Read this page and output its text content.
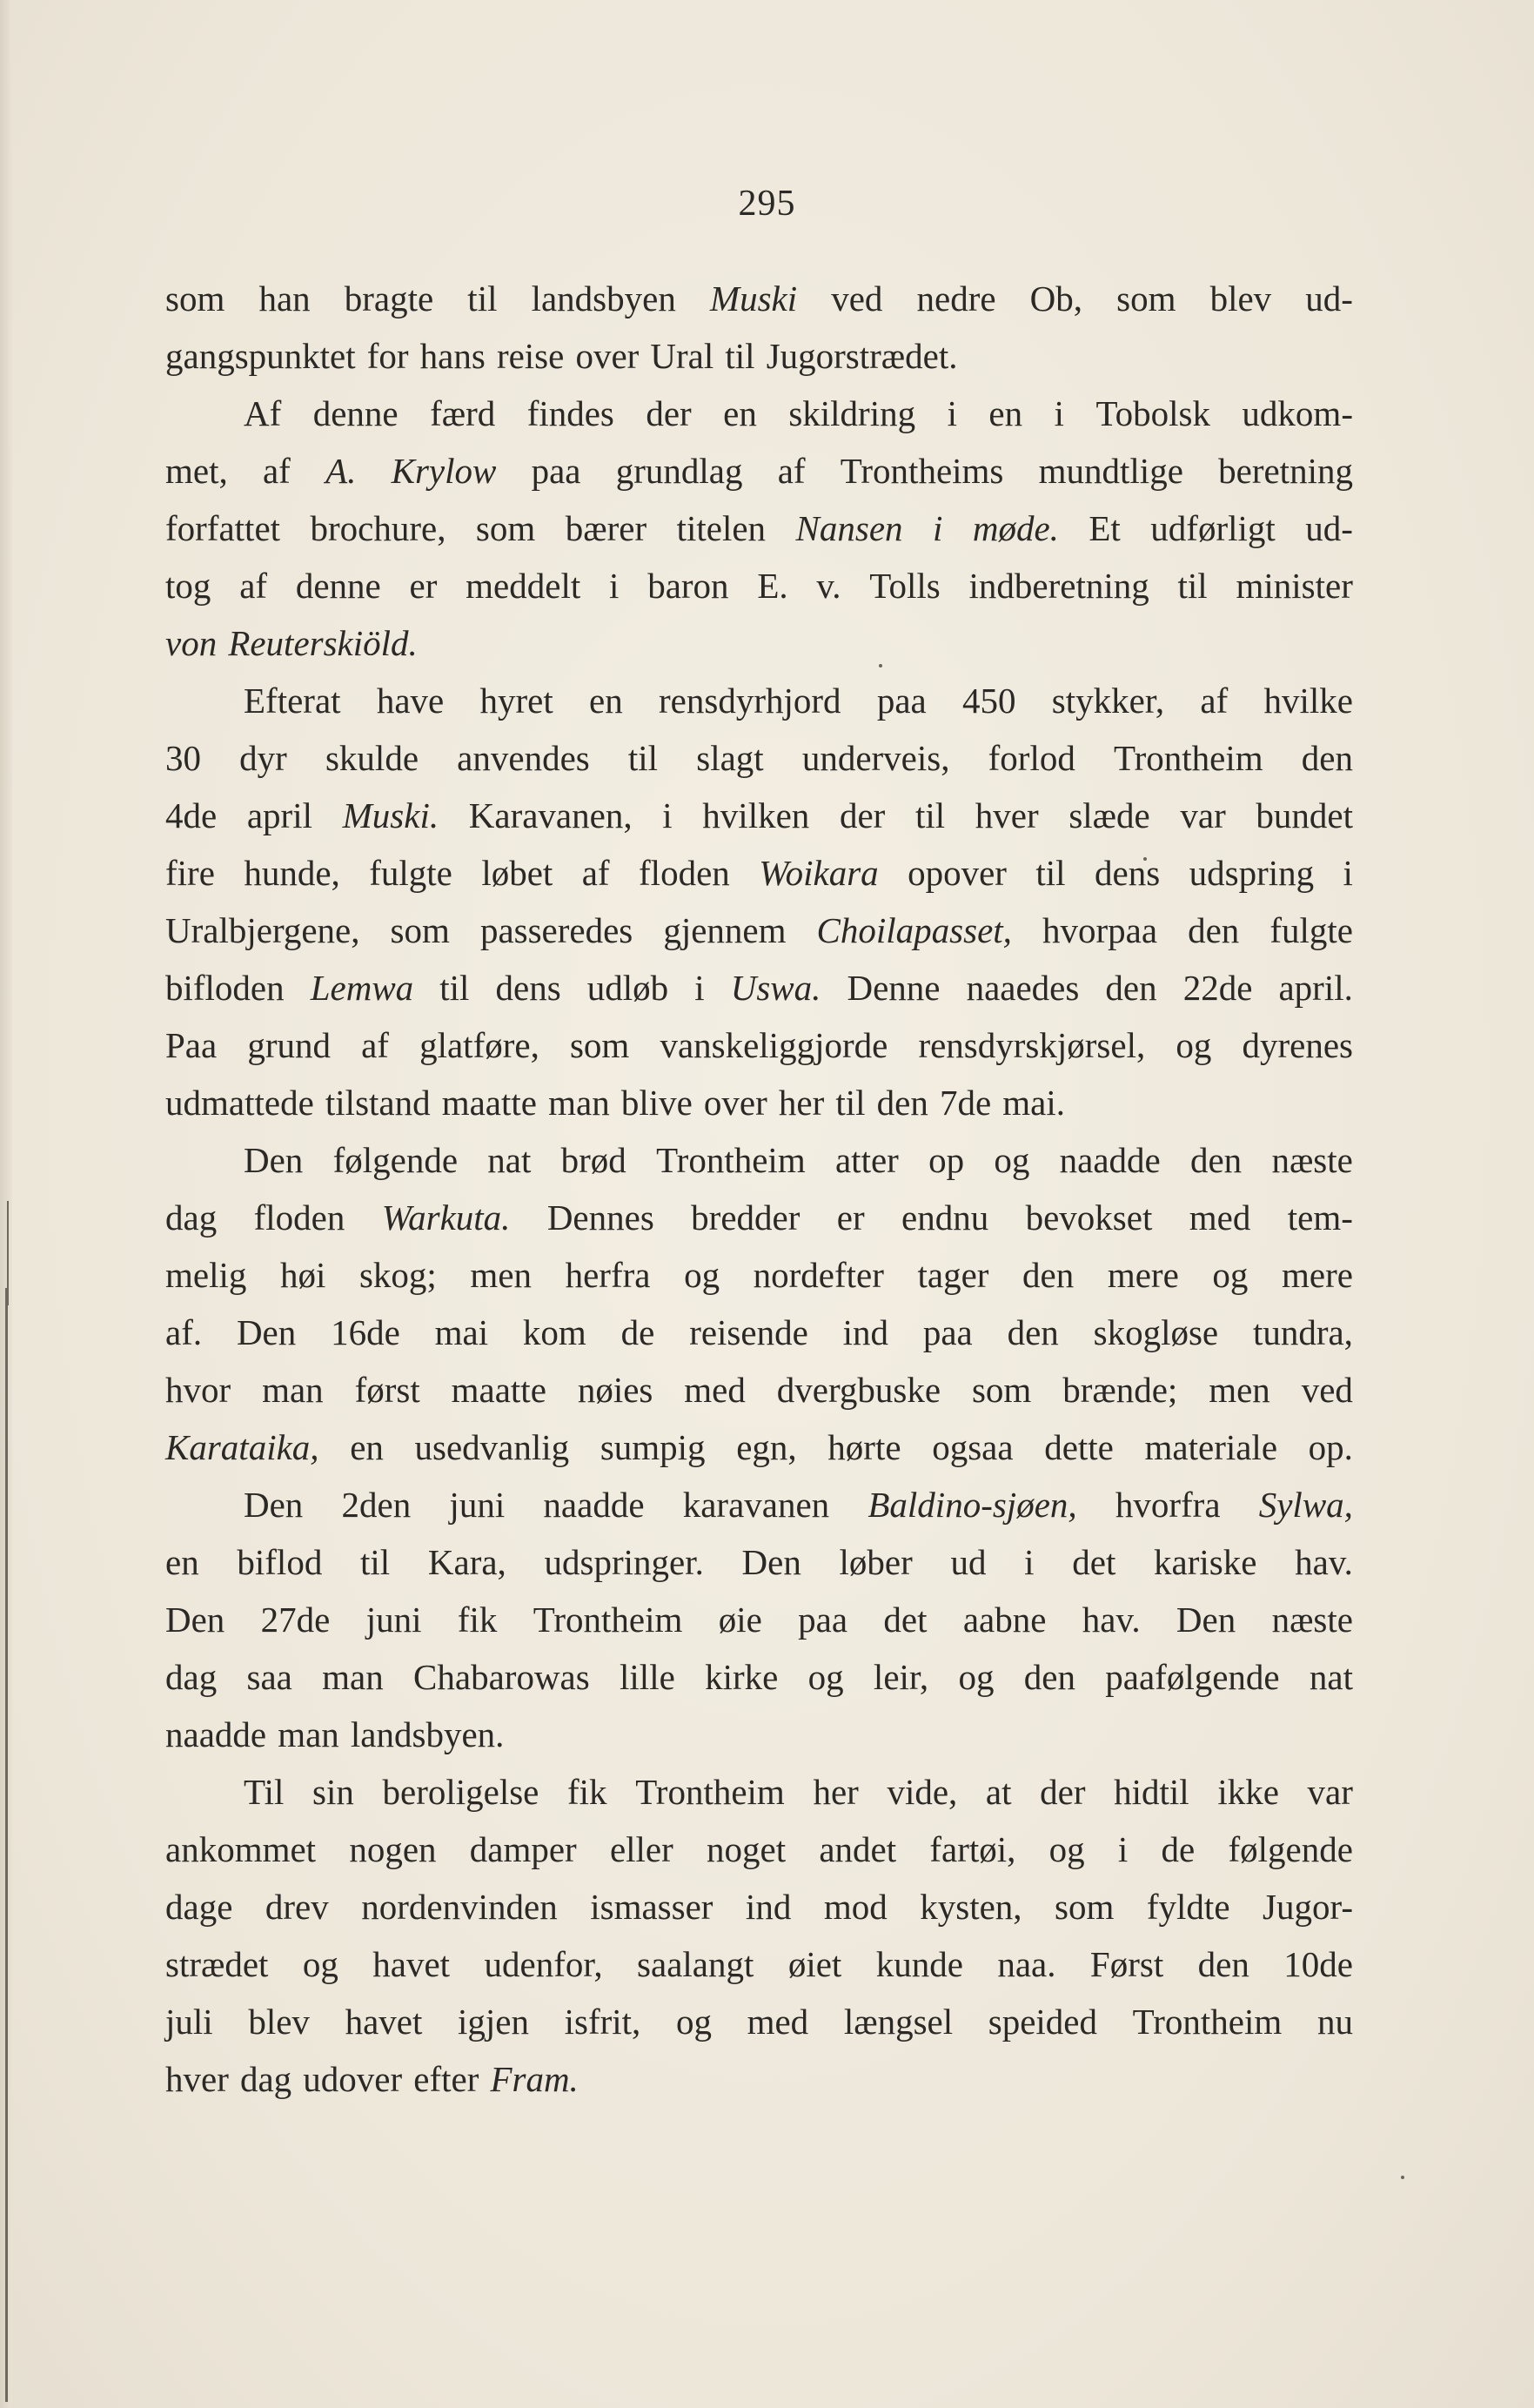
295
som han bragte til landsbyen Muski ved nedre Ob, som blev ud-
gangspunktet for hans reise over Ural til Jugorstrædet.
Af denne færd findes der en skildring i en i Tobolsk udkom-
met, af A. Krylow paa grundlag af Trontheims mundtlige beretning
forfattet brochure, som bærer titelen Nansen i møde. Et udførligt ud-
tog af denne er meddelt i baron E. v. Tolls indberetning til minister
von Reuterskiöld.
Efterat have hyret en rensdyrhjord paa 450 stykker, af hvilke
30 dyr skulde anvendes til slagt underveis, forlod Trontheim den
4de april Muski. Karavanen, i hvilken der til hver slæde var bundet
fire hunde, fulgte løbet af floden Woikara opover til dens udspring i
Uralbjergene, som passeredes gjennem Choilapasset, hvorpaa den fulgte
bifloden Lemwa til dens udløb i Uswa. Denne naaedes den 22de april.
Paa grund af glatføre, som vanskeliggjorde rensdyrskjørsel, og dyrenes
udmattede tilstand maatte man blive over her til den 7de mai.
Den følgende nat brød Trontheim atter op og naadde den næste
dag floden Warkuta. Dennes bredder er endnu bevokset med tem-
melig høi skog; men herfra og nordefter tager den mere og mere
af. Den 16de mai kom de reisende ind paa den skogløse tundra,
hvor man først maatte nøies med dvergbuske som brænde; men ved
Karataika, en usedvanlig sumpig egn, hørte ogsaa dette materiale op.
Den 2den juni naadde karavanen Baldino-sjøen, hvorfra Sylwa,
en biflod til Kara, udspringer. Den løber ud i det kariske hav.
Den 27de juni fik Trontheim øie paa det aabne hav. Den næste
dag saa man Chabarowas lille kirke og leir, og den paafølgende nat
naadde man landsbyen.
Til sin beroligelse fik Trontheim her vide, at der hidtil ikke var
ankommet nogen damper eller noget andet fartøi, og i de følgende
dage drev nordenvinden ismasser ind mod kysten, som fyldte Jugor-
strædet og havet udenfor, saalangt øiet kunde naa. Først den 10de
juli blev havet igjen isfrit, og med længsel speided Trontheim nu
hver dag udover efter Fram.
